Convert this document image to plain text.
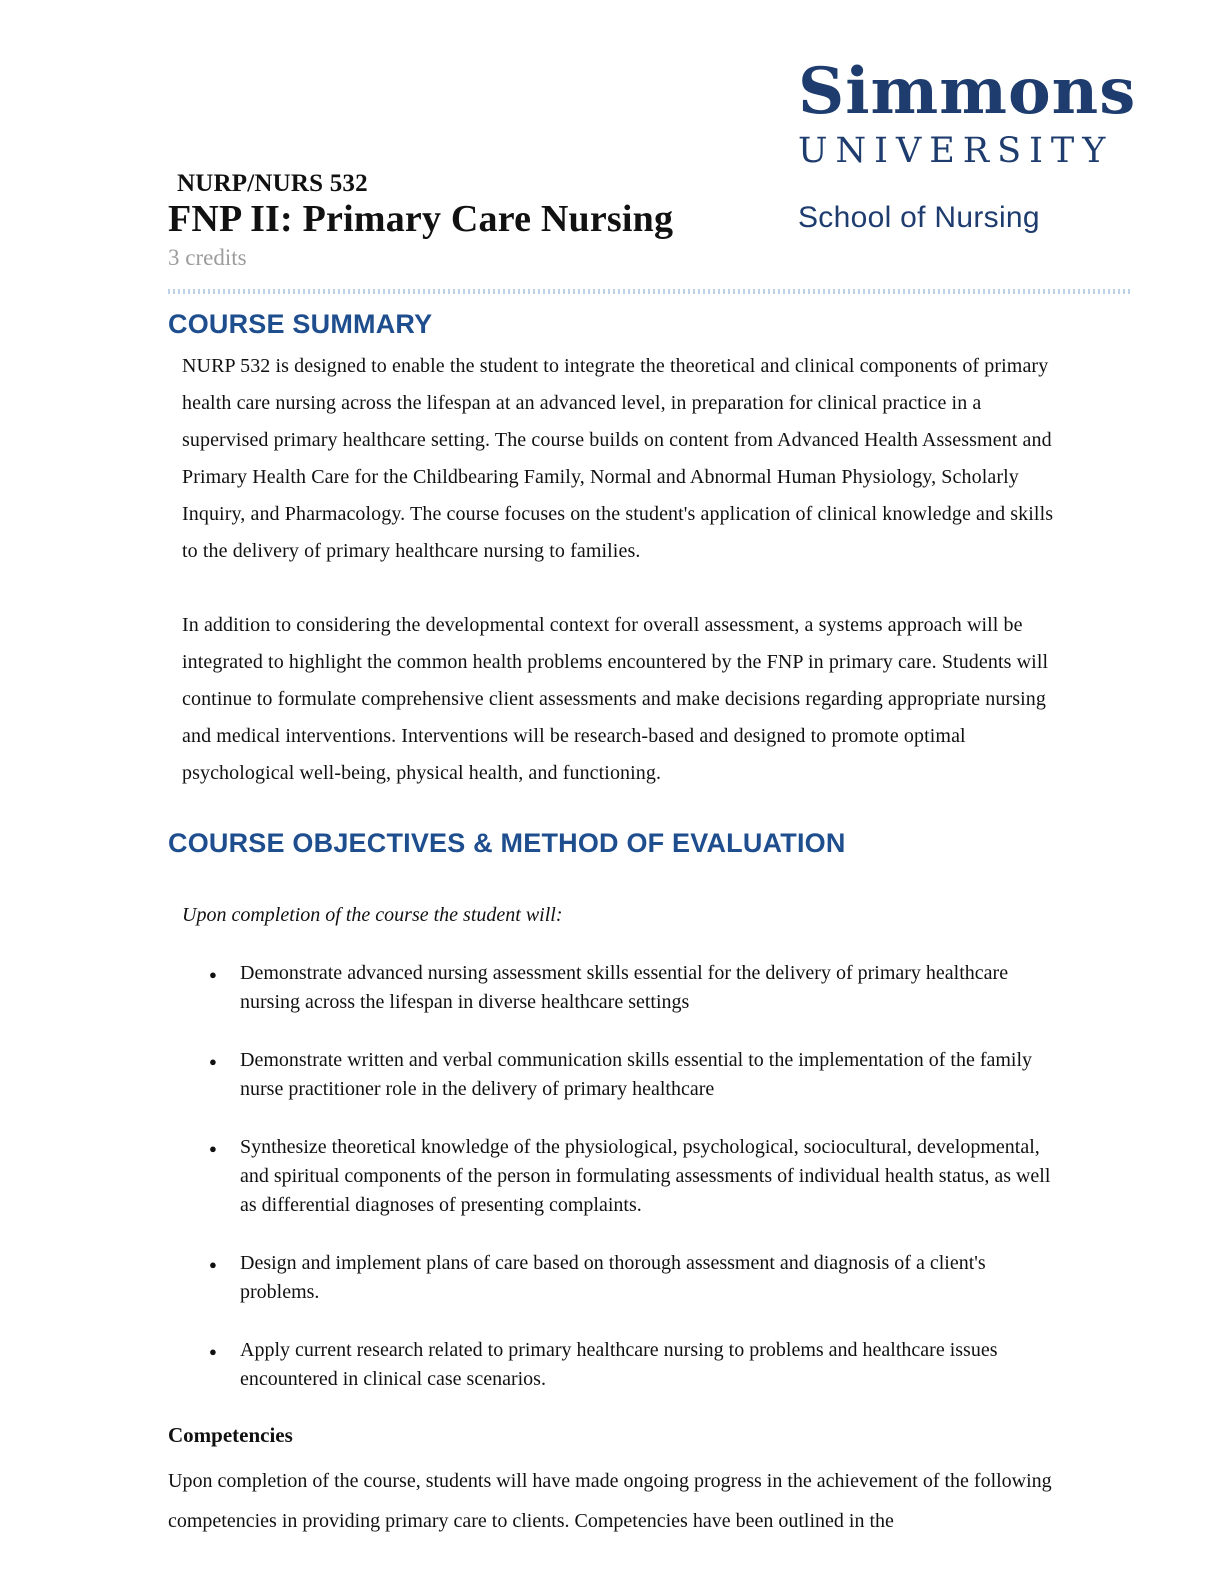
NURP/NURS 532
FNP II: Primary Care Nursing
3 credits
Simmons
UNIVERSITY
School of Nursing
COURSE SUMMARY

NURP 532 is designed to enable the student to integrate the theoretical and clinical components of primary health care nursing across the lifespan at an advanced level, in preparation for clinical practice in a supervised primary healthcare setting. The course builds on content from Advanced Health Assessment and Primary Health Care for the Childbearing Family, Normal and Abnormal Human Physiology, Scholarly Inquiry, and Pharmacology. The course focuses on the student's application of clinical knowledge and skills to the delivery of primary healthcare nursing to families.

In addition to considering the developmental context for overall assessment, a systems approach will be integrated to highlight the common health problems encountered by the FNP in primary care. Students will continue to formulate comprehensive client assessments and make decisions regarding appropriate nursing and medical interventions. Interventions will be research-based and designed to promote optimal psychological well-being, physical health, and functioning.

COURSE OBJECTIVES & METHOD OF EVALUATION

Upon completion of the course the student will:

● Demonstrate advanced nursing assessment skills essential for the delivery of primary healthcare nursing across the lifespan in diverse healthcare settings
● Demonstrate written and verbal communication skills essential to the implementation of the family nurse practitioner role in the delivery of primary healthcare
● Synthesize theoretical knowledge of the physiological, psychological, sociocultural, developmental, and spiritual components of the person in formulating assessments of individual health status, as well as differential diagnoses of presenting complaints.
● Design and implement plans of care based on thorough assessment and diagnosis of a client's problems.
● Apply current research related to primary healthcare nursing to problems and healthcare issues encountered in clinical case scenarios.
Competencies

Upon completion of the course, students will have made ongoing progress in the achievement of the following competencies in providing primary care to clients. Competencies have been outlined in the
